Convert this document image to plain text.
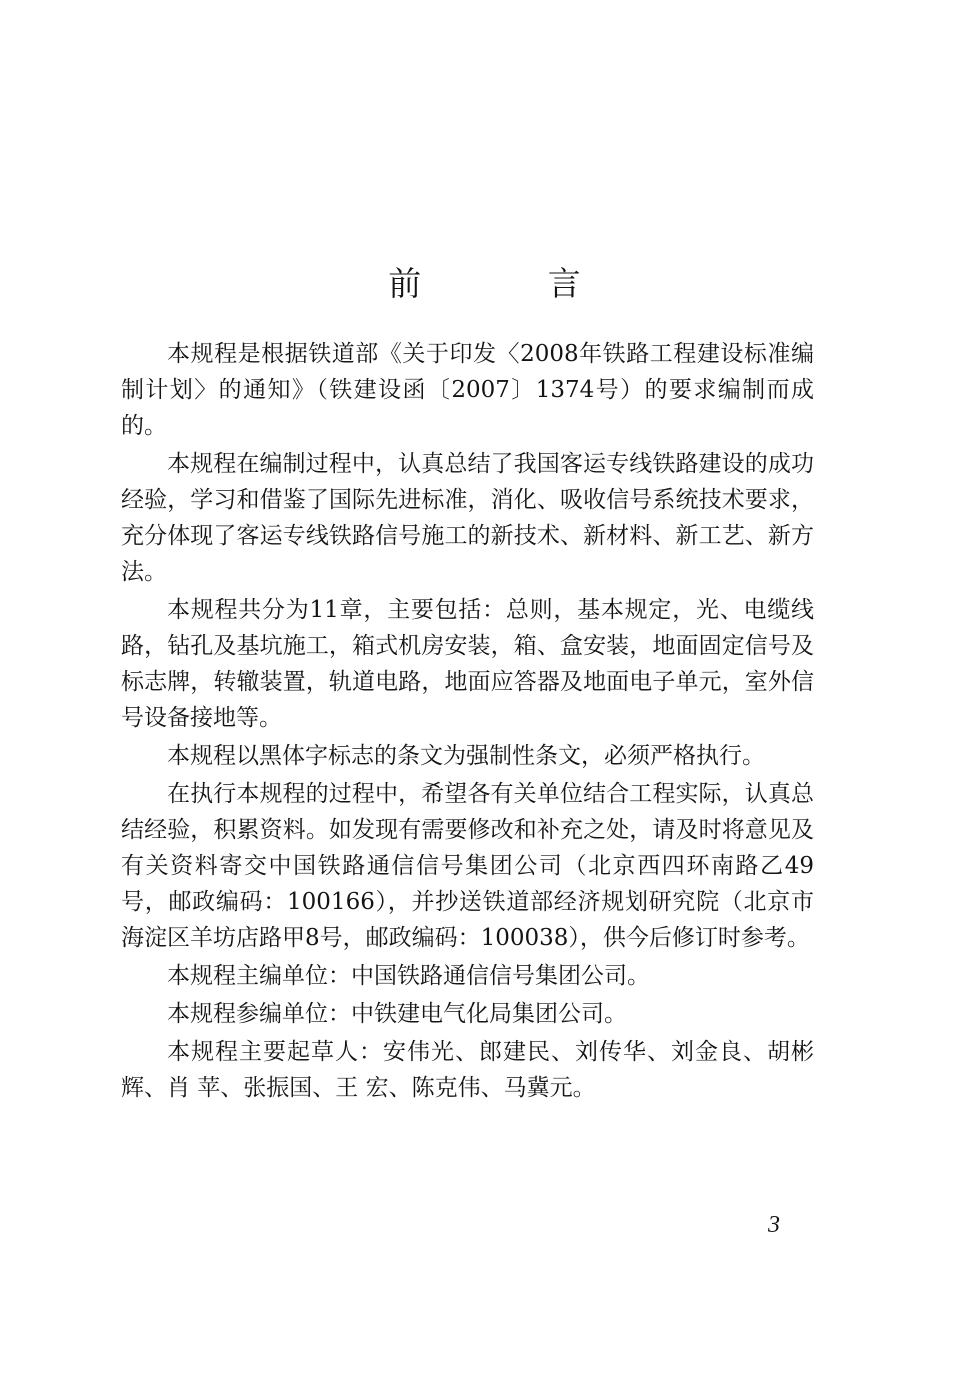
前 言

本规程是根据铁道部《关于印发〈2008年铁路工程建设标准编制计划〉的通知》（铁建设函〔2007〕1374号）的要求编制而成的。

本规程在编制过程中，认真总结了我国客运专线铁路建设的成功经验，学习和借鉴了国际先进标准，消化、吸收信号系统技术要求，充分体现了客运专线铁路信号施工的新技术、新材料、新工艺、新方法。

本规程共分为11章，主要包括：总则，基本规定，光、电缆线路，钻孔及基坑施工，箱式机房安装，箱、盒安装，地面固定信号及标志牌，转辙装置，轨道电路，地面应答器及地面电子单元，室外信号设备接地等。

本规程以黑体字标志的条文为强制性条文，必须严格执行。

在执行本规程的过程中，希望各有关单位结合工程实际，认真总结经验，积累资料。如发现有需要修改和补充之处，请及时将意见及有关资料寄交中国铁路通信信号集团公司（北京西四环南路乙49号，邮政编码：100166），并抄送铁道部经济规划研究院（北京市海淀区羊坊店路甲8号，邮政编码：100038），供今后修订时参考。

本规程主编单位：中国铁路通信信号集团公司。

本规程参编单位：中铁建电气化局集团公司。

本规程主要起草人：安伟光、郎建民、刘传华、刘金良、胡彬辉、肖 苹、张振国、王 宏、陈克伟、马冀元。

3
